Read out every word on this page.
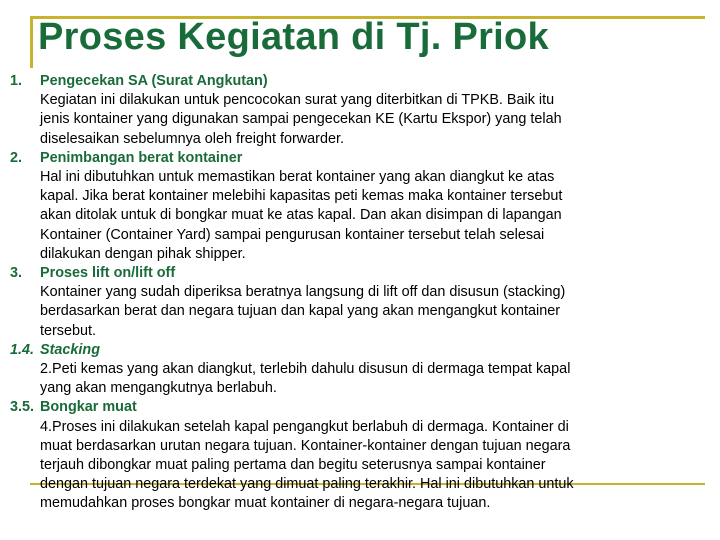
Proses Kegiatan di Tj. Priok
1. Pengecekan SA (Surat Angkutan)
Kegiatan ini dilakukan untuk pencocokan surat yang diterbitkan di TPKB. Baik itu
jenis kontainer yang digunakan sampai pengecekan KE (Kartu Ekspor) yang telah
diselesaikan sebelumnya oleh freight forwarder.
2. Penimbangan berat kontainer
Hal ini dibutuhkan untuk memastikan berat kontainer yang akan diangkut ke atas
kapal. Jika berat kontainer melebihi kapasitas peti kemas maka kontainer tersebut
akan ditolak untuk di bongkar muat ke atas kapal. Dan akan disimpan di lapangan
Kontainer (Container Yard) sampai pengurusan kontainer tersebut telah selesai
dilakukan dengan pihak shipper.
3. Proses lift on/lift off
Kontainer yang sudah diperiksa beratnya langsung di lift off dan disusun (stacking)
berdasarkan berat dan negara tujuan dan kapal yang akan mengangkut kontainer
tersebut.
1.4. Stacking
2.Peti kemas yang akan diangkut, terlebih dahulu disusun di dermaga tempat kapal
yang akan mengangkutnya berlabuh.
3.5. Bongkar muat
4.Proses ini dilakukan setelah kapal pengangkut berlabuh di dermaga. Kontainer di
muat berdasarkan urutan negara tujuan. Kontainer-kontainer dengan tujuan negara
terjauh dibongkar muat paling pertama dan begitu seterusnya sampai kontainer
dengan tujuan negara terdekat yang dimuat paling terakhir. Hal ini dibutuhkan untuk
memudahkan proses bongkar muat kontainer di negara-negara tujuan.
